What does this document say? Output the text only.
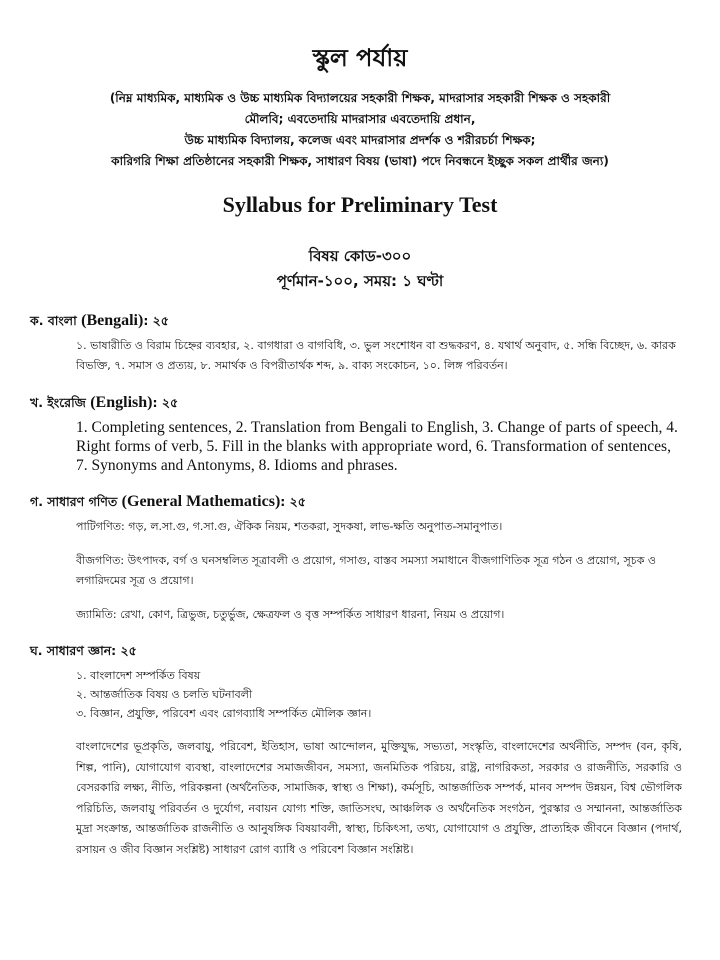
স্কুল পর্যায়

(নিম্ন মাধ্যমিক, মাধ্যমিক ও উচ্চ মাধ্যমিক বিদ্যালয়ের সহকারী শিক্ষক, মাদরাসার সহকারী শিক্ষক ও সহকারী

মৌলবি; এবতেদায়ি মাদরাসার এবতেদায়ি প্রধান,

উচ্চ মাধ্যমিক বিদ্যালয়, কলেজ এবং মাদরাসার প্রদর্শক ও শরীরচর্চা শিক্ষক;

কারিগরি শিক্ষা প্রতিষ্ঠানের সহকারী শিক্ষক, সাধারণ বিষয় (ভাষা) পদে নিবন্ধনে ইচ্ছুক সকল প্রার্থীর জন্য)

Syllabus for Preliminary Test
বিষয় কোড-৩০০
পূর্ণমান-১০০, সময়: ১ ঘণ্টা
ক. বাংলা (Bengali): ২৫

১. ভাষারীতি ও বিরাম চিহ্নের ব্যবহার, ২. বাগধারা ও বাগবিধি, ৩. ভুল সংশোধন বা শুদ্ধকরণ, ৪. যথার্থ অনুবাদ, ৫. সন্ধি বিচ্ছেদ, ৬. কারক বিভক্তি, ৭. সমাস ও প্রত্যয়, ৮. সমার্থক ও বিপরীতার্থক শব্দ, ৯. বাক্য সংকোচন, ১০. লিঙ্গ পরিবর্তন।

খ. ইংরেজি (English): ২৫

1. Completing sentences, 2. Translation from Bengali to English, 3. Change of parts of speech, 4. Right forms of verb, 5. Fill in the blanks with appropriate word, 6. Transformation of sentences, 7. Synonyms and Antonyms, 8. Idioms and phrases.

গ. সাধারণ গণিত (General Mathematics): ২৫

পাটিগণিত: গড়, ল.সা.গু, গ.সা.গু, ঐকিক নিয়ম, শতকরা, সুদকষা, লাভ-ক্ষতি অনুপাত-সমানুপাত।

বীজগণিত: উৎপাদক, বর্গ ও ঘনসম্বলিত সূত্রাবলী ও প্রয়োগ, গসাগু, বাস্তব সমস্যা সমাধানে বীজগাণিতিক সূত্র গঠন ও প্রয়োগ, সূচক ও লগারিদমের সূত্র ও প্রয়োগ।

জ্যামিতি: রেখা, কোণ, ত্রিভুজ, চতুর্ভুজ, ক্ষেত্রফল ও বৃত্ত সম্পর্কিত সাধারণ ধারনা, নিয়ম ও প্রয়োগ।

ঘ. সাধারণ জ্ঞান: ২৫
১. বাংলাদেশ সম্পর্কিত বিষয়
২. আন্তর্জাতিক বিষয় ও চলতি ঘটনাবলী
৩. বিজ্ঞান, প্রযুক্তি, পরিবেশ এবং রোগব্যাধি সম্পর্কিত মৌলিক জ্ঞান।

বাংলাদেশের ভূপ্রকৃতি, জলবায়ু, পরিবেশ, ইতিহাস, ভাষা আন্দোলন, মুক্তিযুদ্ধ, সভ্যতা, সংস্কৃতি, বাংলাদেশের অর্থনীতি, সম্পদ (বন, কৃষি, শিল্প, পানি), যোগাযোগ ব্যবস্থা, বাংলাদেশের সমাজজীবন, সমস্যা, জনমিতিক পরিচয়, রাষ্ট্র, নাগরিকতা, সরকার ও রাজনীতি, সরকারি ও বেসরকারি লক্ষ্য, নীতি, পরিকল্পনা (অর্থনৈতিক, সামাজিক, স্বাস্থ্য ও শিক্ষা), কর্মসূচি, আন্তর্জাতিক সম্পর্ক, মানব সম্পদ উন্নয়ন, বিশ্ব ভৌগলিক পরিচিতি, জলবায়ু পরিবর্তন ও দুর্যোগ, নবায়ন যোগ্য শক্তি, জাতিসংঘ, আঞ্চলিক ও অর্থনৈতিক সংগঠন, পুরস্কার ও সম্মাননা, আন্তর্জাতিক মুদ্রা সংক্রান্ত, আন্তর্জাতিক রাজনীতি ও আনুষঙ্গিক বিষয়াবলী, স্বাস্থ্য, চিকিৎসা, তথ্য, যোগাযোগ ও প্রযুক্তি, প্রাত্যহিক জীবনে বিজ্ঞান (পদার্থ, রসায়ন ও জীব বিজ্ঞান সংশ্লিষ্ট) সাধারণ রোগ ব্যাধি ও পরিবেশ বিজ্ঞান সংশ্লিষ্ট।
